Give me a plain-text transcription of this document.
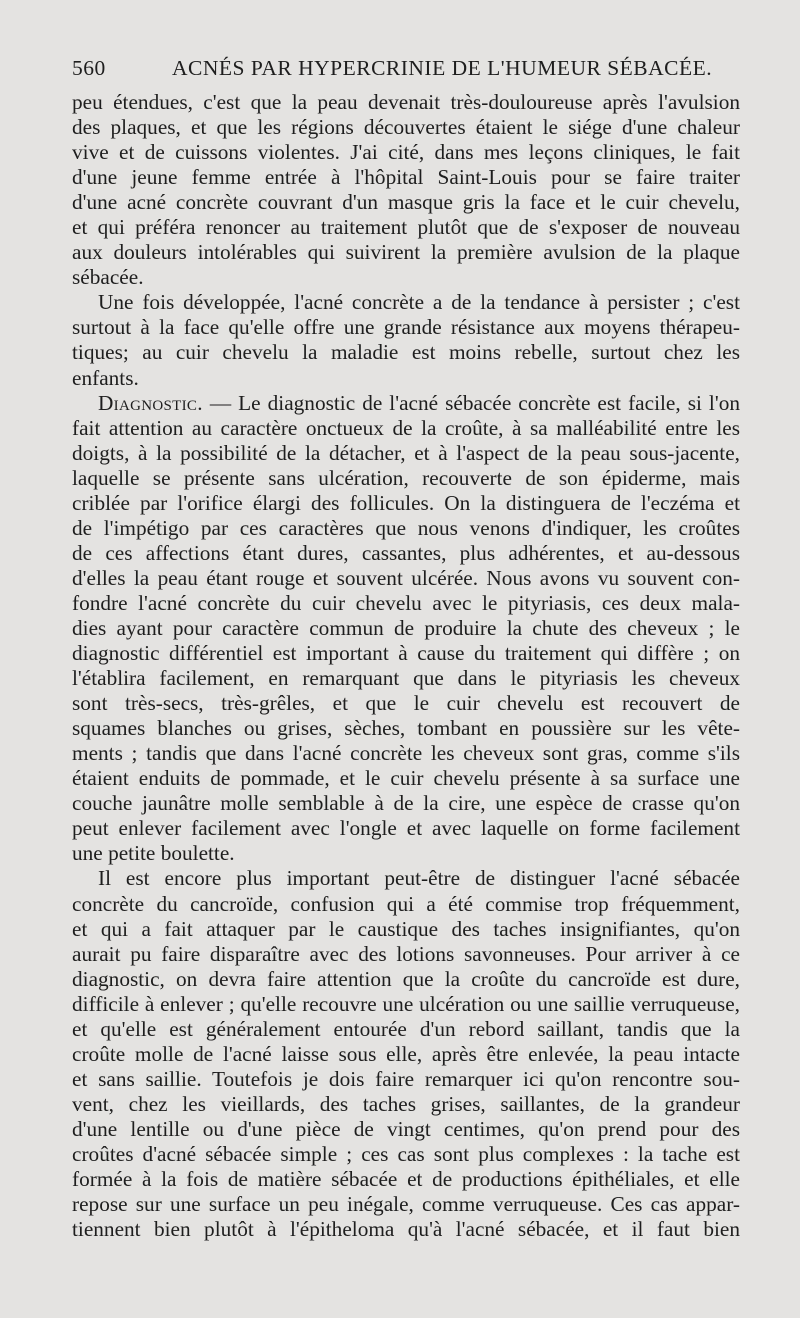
560	ACNÉS PAR HYPERCRINIE DE L'HUMEUR SÉBACÉE.
peu étendues, c'est que la peau devenait très-douloureuse après l'avulsion
des plaques, et que les régions découvertes étaient le siége d'une chaleur
vive et de cuissons violentes. J'ai cité, dans mes leçons cliniques, le fait
d'une jeune femme entrée à l'hôpital Saint-Louis pour se faire traiter
d'une acné concrète couvrant d'un masque gris la face et le cuir chevelu,
et qui préféra renoncer au traitement plutôt que de s'exposer de nouveau
aux douleurs intolérables qui suivirent la première avulsion de la plaque
sébacée.
Une fois développée, l'acné concrète a de la tendance à persister ; c'est
surtout à la face qu'elle offre une grande résistance aux moyens thérapeu-
tiques; au cuir chevelu la maladie est moins rebelle, surtout chez les
enfants.
Diagnostic. — Le diagnostic de l'acné sébacée concrète est facile, si l'on
fait attention au caractère onctueux de la croûte, à sa malléabilité entre les
doigts, à la possibilité de la détacher, et à l'aspect de la peau sous-jacente,
laquelle se présente sans ulcération, recouverte de son épiderme, mais
criblée par l'orifice élargi des follicules. On la distinguera de l'eczéma et
de l'impétigo par ces caractères que nous venons d'indiquer, les croûtes
de ces affections étant dures, cassantes, plus adhérentes, et au-dessous
d'elles la peau étant rouge et souvent ulcérée. Nous avons vu souvent con-
fondre l'acné concrète du cuir chevelu avec le pityriasis, ces deux mala-
dies ayant pour caractère commun de produire la chute des cheveux ; le
diagnostic différentiel est important à cause du traitement qui diffère ; on
l'établira facilement, en remarquant que dans le pityriasis les cheveux
sont très-secs, très-grêles, et que le cuir chevelu est recouvert de
squames blanches ou grises, sèches, tombant en poussière sur les vête-
ments ; tandis que dans l'acné concrète les cheveux sont gras, comme s'ils
étaient enduits de pommade, et le cuir chevelu présente à sa surface une
couche jaunâtre molle semblable à de la cire, une espèce de crasse qu'on
peut enlever facilement avec l'ongle et avec laquelle on forme facilement
une petite boulette.
Il est encore plus important peut-être de distinguer l'acné sébacée
concrète du cancroïde, confusion qui a été commise trop fréquemment,
et qui a fait attaquer par le caustique des taches insignifiantes, qu'on
aurait pu faire disparaître avec des lotions savonneuses. Pour arriver à ce
diagnostic, on devra faire attention que la croûte du cancroïde est dure,
difficile à enlever ; qu'elle recouvre une ulcération ou une saillie verruqueuse,
et qu'elle est généralement entourée d'un rebord saillant, tandis que la
croûte molle de l'acné laisse sous elle, après être enlevée, la peau intacte
et sans saillie. Toutefois je dois faire remarquer ici qu'on rencontre sou-
vent, chez les vieillards, des taches grises, saillantes, de la grandeur
d'une lentille ou d'une pièce de vingt centimes, qu'on prend pour des
croûtes d'acné sébacée simple ; ces cas sont plus complexes : la tache est
formée à la fois de matière sébacée et de productions épithéliales, et elle
repose sur une surface un peu inégale, comme verruqueuse. Ces cas appar-
tiennent bien plutôt à l'épitheloma qu'à l'acné sébacée, et il faut bien
